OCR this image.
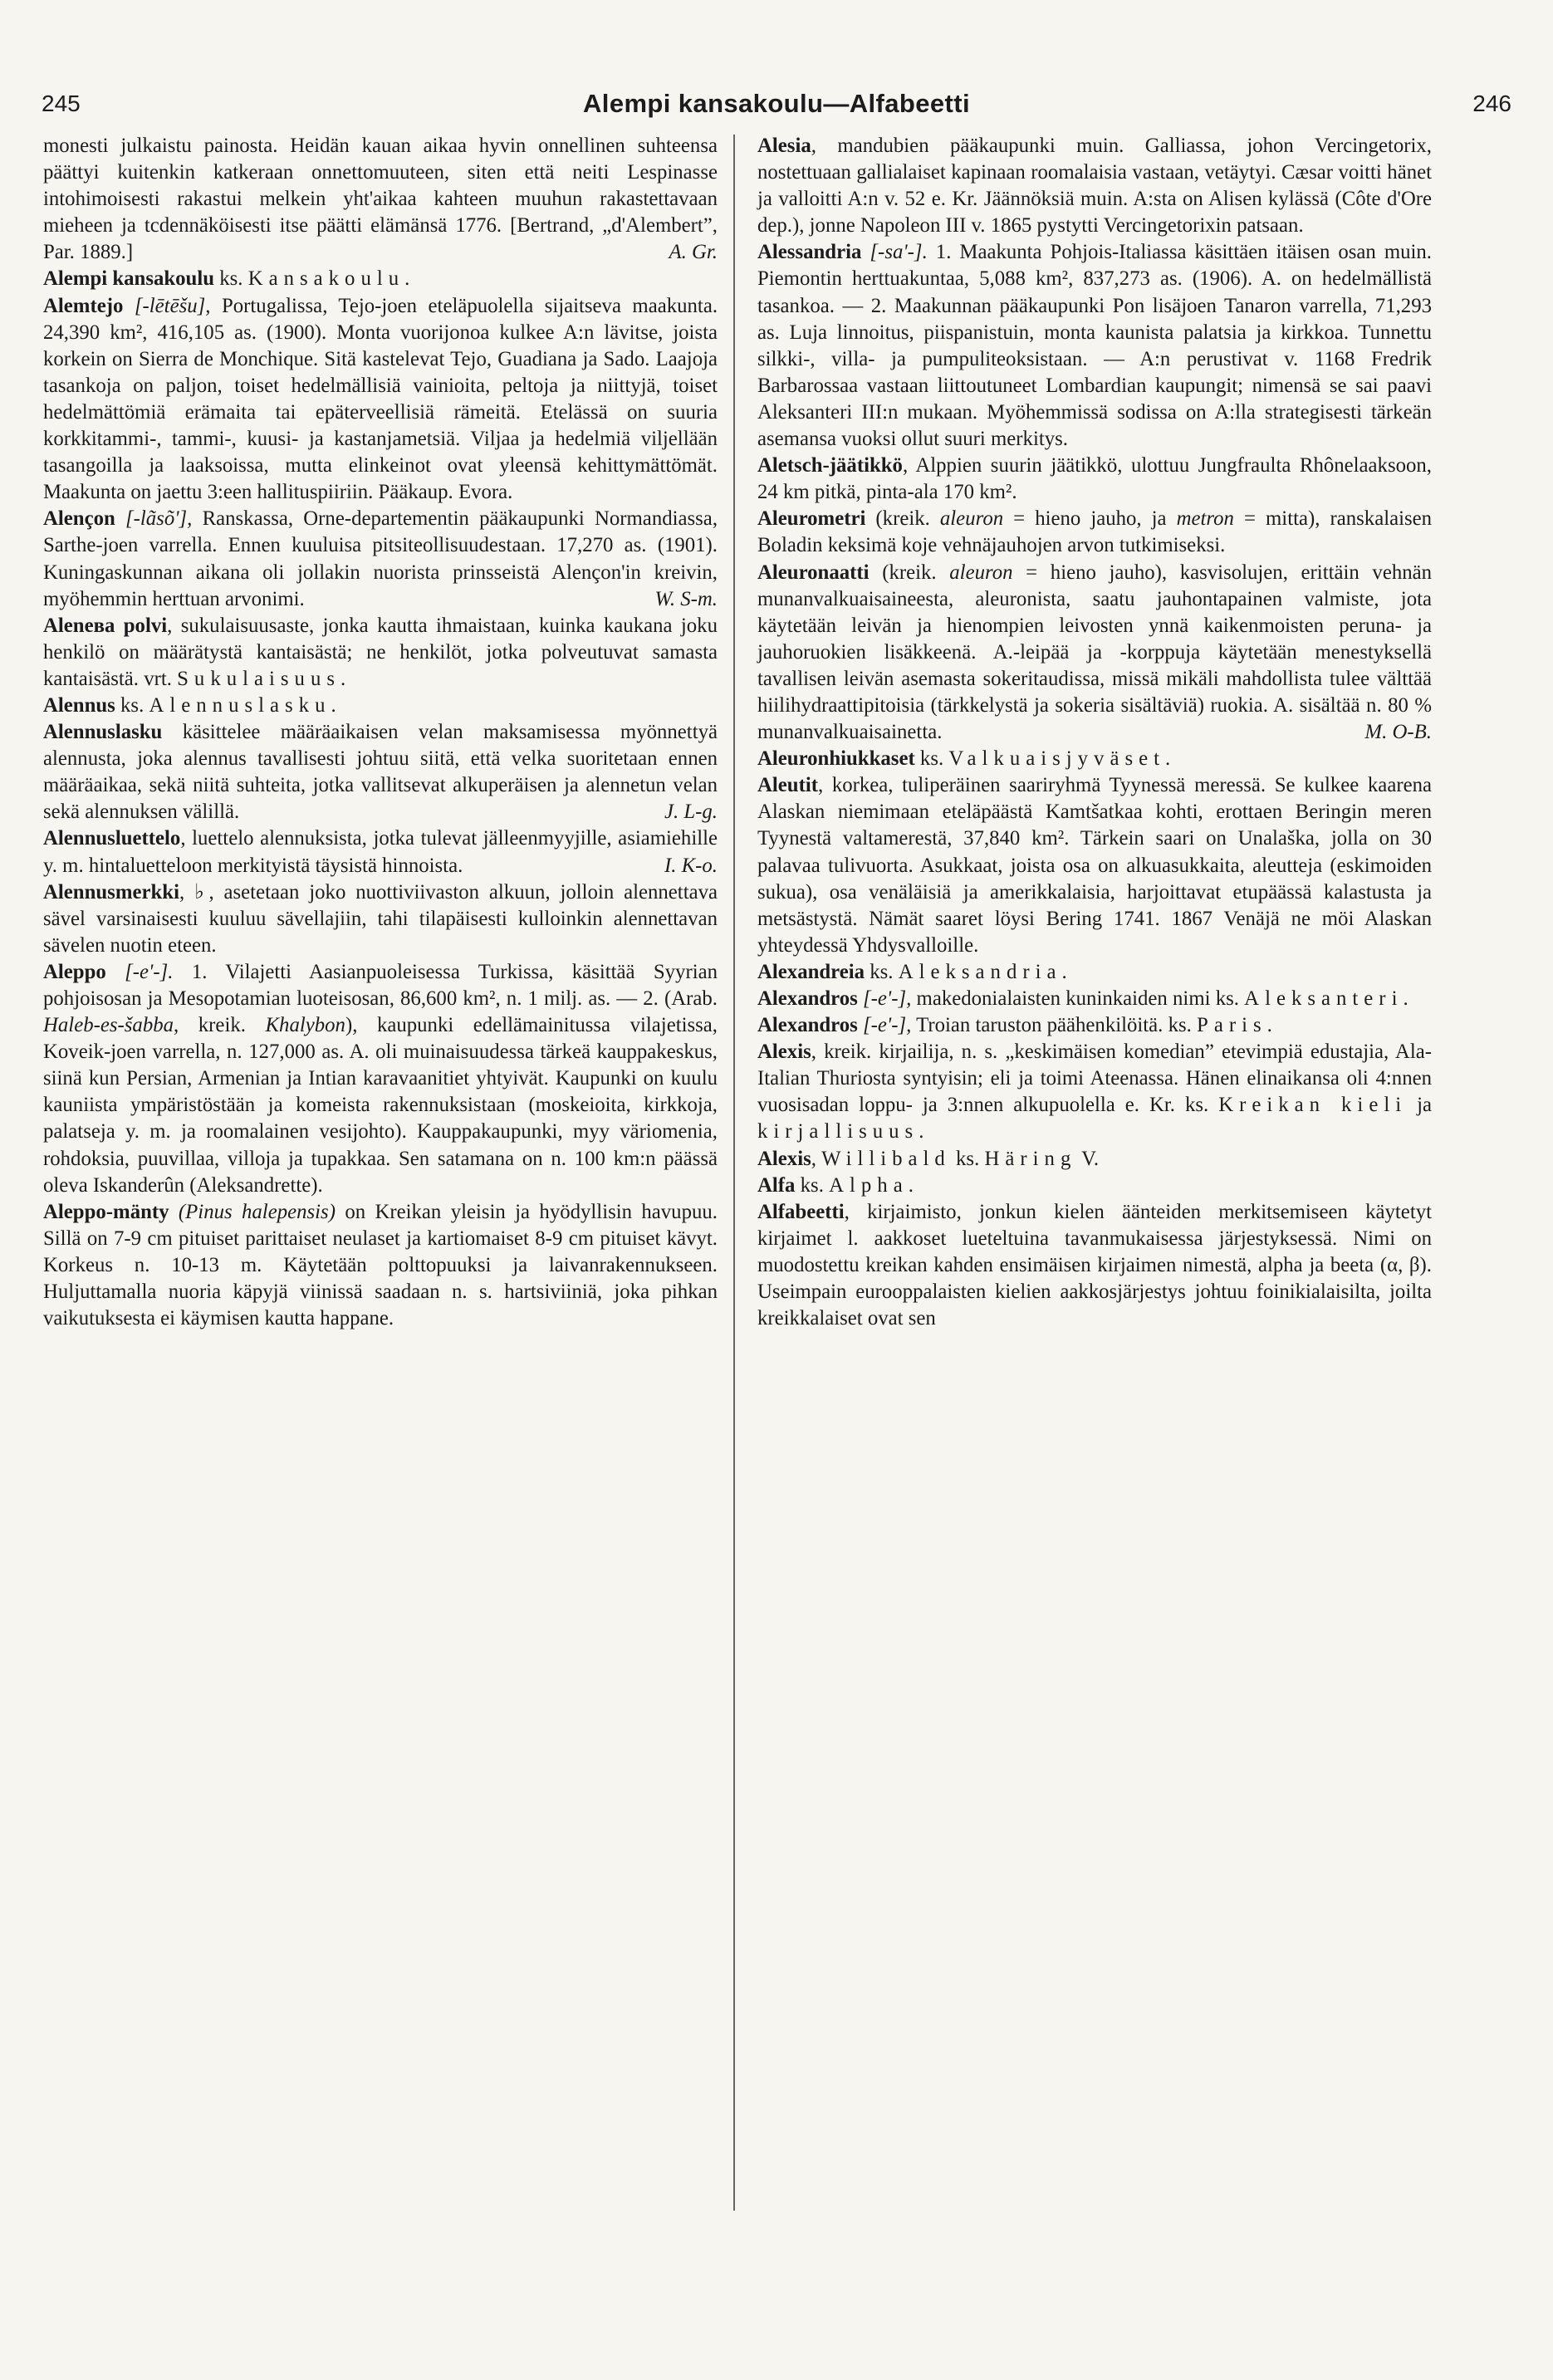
245	Alempi kansakoulu—Alfabeetti	246

monesti julkaistu painosta. Heidän kauan aikaa hyvin onnellinen suhteensa päättyi kuitenkin katkeraan onnettomuuteen, siten että neiti Lespinasse intohimoisesti rakastui melkein yht'aikaa kahteen muuhun rakastettavaan mieheen ja tcdennäköisesti itse päätti elämänsä 1776. [Bertrand, „d'Alembert”, Par. 1889.]	A. Gr.

Alempi kansakoulu ks. Kansakoulu.

Alemtejo [-lētēšu], Portugalissa, Tejo-joen eteläpuolella sijaitseva maakunta. 24,390 km², 416,105 as. (1900). Monta vuorijonoa kulkee A:n lävitse, joista korkein on Sierra de Monchique. Sitä kastelevat Tejo, Guadiana ja Sado. Laajoja tasankoja on paljon, toiset hedelmällisiä vainioita, peltoja ja niittyjä, toiset hedelmättömiä erämaita tai epäterveellisiä rämeitä. Etelässä on suuria korkkitammi-, tammi-, kuusi- ja kastanjametsiä. Viljaa ja hedelmiä viljellään tasangoilla ja laaksoissa, mutta elinkeinot ovat yleensä kehittymättömät. Maakunta on jaettu 3:een hallituspiiriin. Pääkaup. Evora.

Alençon [-lãsõ'], Ranskassa, Orne-departementin pääkaupunki Normandiassa, Sarthe-joen varrella. Ennen kuuluisa pitsiteollisuudestaan. 17,270 as. (1901). Kuningaskunnan aikana oli jollakin nuorista prinsseistä Alençon'in kreivin, myöhemmin herttuan arvonimi.	W. S-m.

Alenева polvi, sukulaisuusaste, jonka kautta ihmaistaan, kuinka kaukana joku henkilö on määrätystä kantaisästä; ne henkilöt, jotka polveutuvat samasta kantaisästä. vrt. Sukulaisuus.

Alennus ks. Alennuslasku.

Alennuslasku käsittelee määräaikaisen velan maksamisessa myönnettyä alennusta, joka alennus tavallisesti johtuu siitä, että velka suoritetaan ennen määräaikaa, sekä niitä suhteita, jotka vallitsevat alkuperäisen ja alennetun velan sekä alennuksen välillä.	J. L-g.

Alennusluettelo, luettelo alennuksista, jotka tulevat jälleenmyyjille, asiamiehille y. m. hintaluetteloon merkityistä täysistä hinnoista.	I. K-o.

Alennusmerkki, ♭, asetetaan joko nuottiviivaston alkuun, jolloin alennettava sävel varsinaisesti kuuluu sävellajiin, tahi tilapäisesti kulloinkin alennettavan sävelen nuotin eteen.

Aleppo [-e'-]. 1. Vilajetti Aasianpuoleisessa Turkissa, käsittää Syyrian pohjoisosan ja Mesopotamian luoteisosan, 86,600 km², n. 1 milj. as. — 2. (Arab. Haleb-es-šabba, kreik. Khalybon), kaupunki edellämainitussa vilajetissa, Koveik-joen varrella, n. 127,000 as. A. oli muinaisuudessa tärkeä kauppakeskus, siinä kun Persian, Armenian ja Intian karavaanitiet yhtyivät. Kaupunki on kuulu kauniista ympäristöstään ja komeista rakennuksistaan (moskeioita, kirkkoja, palatseja y. m. ja roomalainen vesijohto). Kauppakaupunki, myy väriomenia, rohdoksia, puuvillaa, villoja ja tupakkaa. Sen satamana on n. 100 km:n päässä oleva Iskanderûn (Aleksandrette).

Aleppo-mänty (Pinus halepensis) on Kreikan yleisin ja hyödyllisin havupuu. Sillä on 7-9 cm pituiset parittaiset neulaset ja kartiomaiset 8-9 cm pituiset kävyt. Korkeus n. 10-13 m. Käytetään polttopuuksi ja laivanrakennukseen. Huljuttamalla nuoria käpyjä viinissä saadaan n. s. hartsiviiniä, joka pihkan vaikutuksesta ei käymisen kautta happane.

Alesia, mandubien pääkaupunki muin. Galliassa, johon Vercingetorix, nostettuaan gallialaiset kapinaan roomalaisia vastaan, vetäytyi. Cæsar voitti hänet ja valloitti A:n v. 52 e. Kr. Jäännöksiä muin. A:sta on Alisen kylässä (Côte d'Ore dep.), jonne Napoleon III v. 1865 pystytti Vercingetorixin patsaan.

Alessandria [-sa'-]. 1. Maakunta Pohjois-Italiassa käsittäen itäisen osan muin. Piemontin herttuakuntaa, 5,088 km², 837,273 as. (1906). A. on hedelmällistä tasankoa. — 2. Maakunnan pääkaupunki Pon lisäjoen Tanaron varrella, 71,293 as. Luja linnoitus, piispanistuin, monta kaunista palatsia ja kirkkoa. Tunnettu silkki-, villa- ja pumpuliteoksistaan. — A:n perustivat v. 1168 Fredrik Barbarossaa vastaan liittoutuneet Lombardian kaupungit; nimensä se sai paavi Aleksanteri III:n mukaan. Myöhemmissä sodissa on A:lla strategisesti tärkeän asemansa vuoksi ollut suuri merkitys.

Aletsch-jäätikkö, Alppien suurin jäätikkö, ulottuu Jungfraulta Rhônelaaksoon, 24 km pitkä, pinta-ala 170 km².

Aleurometri (kreik. aleuron = hieno jauho, ja metron = mitta), ranskalaisen Boladin keksimä koje vehnäjauhojen arvon tutkimiseksi.

Aleuronaatti (kreik. aleuron = hieno jauho), kasvisolujen, erittäin vehnän munanvalkuaisaineesta, aleuronista, saatu jauhontapainen valmiste, jota käytetään leivän ja hienompien leivosten ynnä kaikenmoisten peruna- ja jauhoruokien lisäkkeenä. A.-leipää ja -korppuja käytetään menestyksellä tavallisen leivän asemasta sokeritaudissa, missä mikäli mahdollista tulee välttää hiilihydraattipitoisia (tärkkelystä ja sokeria sisältäviä) ruokia. A. sisältää n. 80 % munanvalkuaisainetta.	M. O-B.

Aleuronhiukkaset ks. Valkuaisjyväset.

Aleutit, korkea, tuliperäinen saariryhmä Tyynessä meressä. Se kulkee kaarena Alaskan niemimaan eteläpäästä Kamtšatkaa kohti, erottaen Beringin meren Tyynestä valtamerestä, 37,840 km². Tärkein saari on Unalaška, jolla on 30 palavaa tulivuorta. Asukkaat, joista osa on alkuasukkaita, aleutteja (eskimoiden sukua), osa venäläisiä ja amerikkalaisia, harjoittavat etupäässä kalastusta ja metsästystä. Nämät saaret löysi Bering 1741. 1867 Venäjä ne möi Alaskan yhteydessä Yhdysvalloille.

Alexandreia ks. Aleksandria.

Alexandros [-e'-], makedonialaisten kuninkaiden nimi ks. Aleksanteri.

Alexandros [-e'-], Troian taruston päähenkilöitä. ks. Paris.

Alexis, kreik. kirjailija, n. s. „keskimäisen komedian” etevimpiä edustajia, Ala-Italian Thuriosta syntyisin; eli ja toimi Ateenassa. Hänen elinaikansa oli 4:nnen vuosisadan loppu- ja 3:nnen alkupuolella e. Kr. ks. Kreikan kieli ja kirjallisuus.

Alexis, Willibald ks. Häring V.

Alfa ks. Alpha.

Alfabeetti, kirjaimisto, jonkun kielen äänteiden merkitsemiseen käytetyt kirjaimet l. aakkoset lueteltuina tavanmukaisessa järjestyksessä. Nimi on muodostettu kreikan kahden ensimäisen kirjaimen nimestä, alpha ja beeta (α, β). Useimpain eurooppalaisten kielien aakkosjärjestys johtuu foinikialaisilta, joilta kreikkalaiset ovat sen
